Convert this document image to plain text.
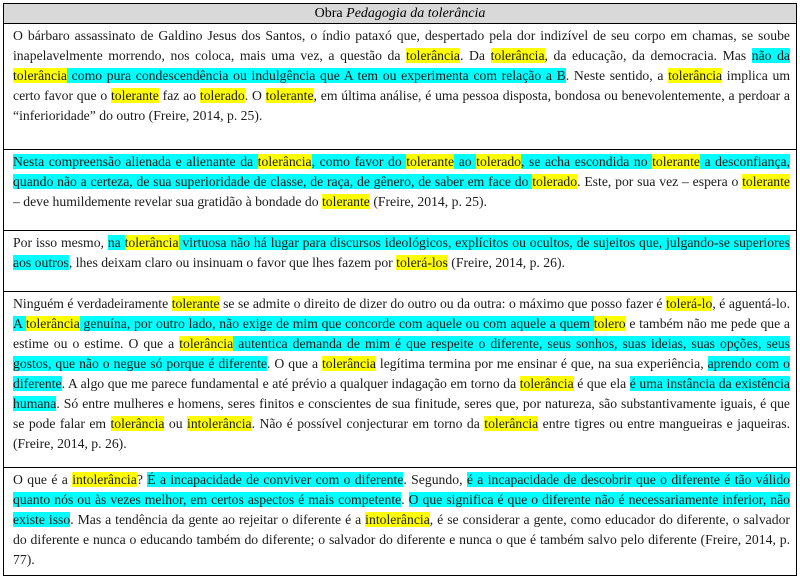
Obra Pedagogia da tolerância
O bárbaro assassinato de Galdino Jesus dos Santos, o índio pataxó que, despertado pela dor indizível de seu corpo em chamas, se soube inapelavelmente morrendo, nos coloca, mais uma vez, a questão da tolerância. Da tolerância, da educação, da democracia. Mas não da tolerância como pura condescendência ou indulgência que A tem ou experimenta com relação a B. Neste sentido, a tolerância implica um certo favor que o tolerante faz ao tolerado. O tolerante, em última análise, é uma pessoa disposta, bondosa ou benevolentemente, a perdoar a “inferioridade” do outro (Freire, 2014, p. 25).
Nesta compreensão alienada e alienante da tolerância, como favor do tolerante ao tolerado, se acha escondida no tolerante a desconfiança, quando não a certeza, de sua superioridade de classe, de raça, de gênero, de saber em face do tolerado. Este, por sua vez – espera o tolerante – deve humildemente revelar sua gratidão à bondade do tolerante (Freire, 2014, p. 25).
Por isso mesmo, na tolerância virtuosa não há lugar para discursos ideológicos, explícitos ou ocultos, de sujeitos que, julgando-se superiores aos outros, lhes deixam claro ou insinuam o favor que lhes fazem por tolerá-los (Freire, 2014, p. 26).
Ninguém é verdadeiramente tolerante se se admite o direito de dizer do outro ou da outra: o máximo que posso fazer é tolerá-lo, é aguentá-lo. A tolerância genuína, por outro lado, não exige de mim que concorde com aquele ou com aquele a quem tolero e também não me pede que a estime ou o estime. O que a tolerância autentica demanda de mim é que respeite o diferente, seus sonhos, suas ideias, suas opções, seus gostos, que não o negue só porque é diferente. O que a tolerância legítima termina por me ensinar é que, na sua experiência, aprendo com o diferente. A algo que me parece fundamental e até prévio a qualquer indagação em torno da tolerância é que ela é uma instância da existência humana. Só entre mulheres e homens, seres finitos e conscientes de sua finitude, seres que, por natureza, são substantivamente iguais, é que se pode falar em tolerância ou intolerância. Não é possível conjecturar em torno da tolerância entre tigres ou entre mangueiras e jaqueiras. (Freire, 2014, p. 26).
O que é a intolerância? É a incapacidade de conviver com o diferente. Segundo, é a incapacidade de descobrir que o diferente é tão válido quanto nós ou às vezes melhor, em certos aspectos é mais competente. O que significa é que o diferente não é necessariamente inferior, não existe isso. Mas a tendência da gente ao rejeitar o diferente é a intolerância, é se considerar a gente, como educador do diferente, o salvador do diferente e nunca o educando também do diferente; o salvador do diferente e nunca o que é também salvo pelo diferente (Freire, 2014, p. 77).
